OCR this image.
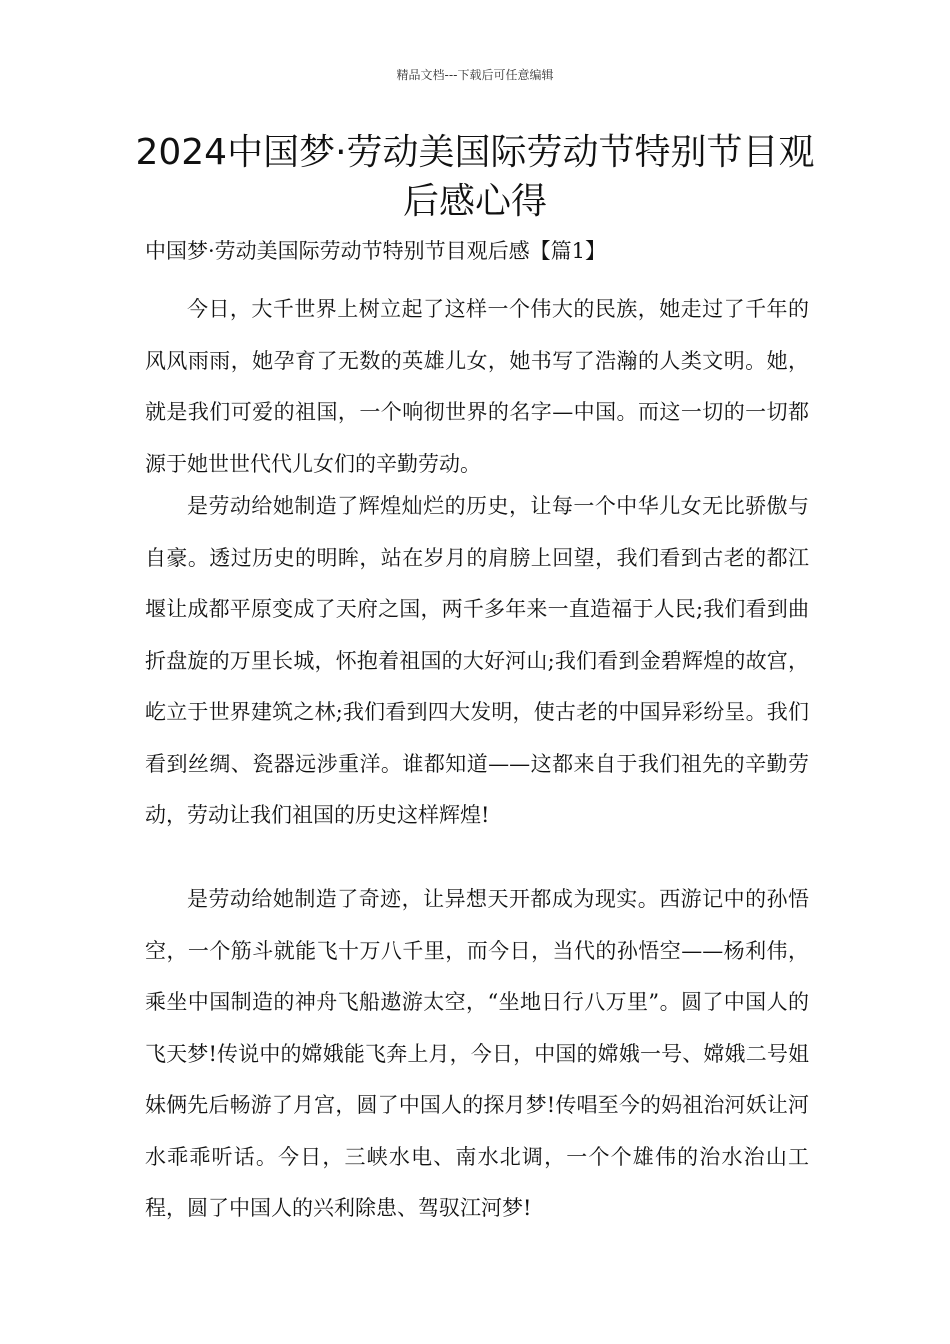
精品文档---下载后可任意编辑
2024中国梦·劳动美国际劳动节特别节目观后感心得
中国梦·劳动美国际劳动节特别节目观后感【篇1】

今日，大千世界上树立起了这样一个伟大的民族，她走过了千年的风风雨雨，她孕育了无数的英雄儿女，她书写了浩瀚的人类文明。她，就是我们可爱的祖国，一个响彻世界的名字—中国。而这一切的一切都源于她世世代代儿女们的辛勤劳动。

是劳动给她制造了辉煌灿烂的历史，让每一个中华儿女无比骄傲与自豪。透过历史的明眸，站在岁月的肩膀上回望，我们看到古老的都江堰让成都平原变成了天府之国，两千多年来一直造福于人民;我们看到曲折盘旋的万里长城，怀抱着祖国的大好河山;我们看到金碧辉煌的故宫，屹立于世界建筑之林;我们看到四大发明，使古老的中国异彩纷呈。我们看到丝绸、瓷器远涉重洋。谁都知道——这都来自于我们祖先的辛勤劳动，劳动让我们祖国的历史这样辉煌!

是劳动给她制造了奇迹，让异想天开都成为现实。西游记中的孙悟空，一个筋斗就能飞十万八千里，而今日，当代的孙悟空——杨利伟，乘坐中国制造的神舟飞船遨游太空，“坐地日行八万里”。圆了中国人的飞天梦!传说中的嫦娥能飞奔上月，今日，中国的嫦娥一号、嫦娥二号姐妹俩先后畅游了月宫，圆了中国人的探月梦!传唱至今的妈祖治河妖让河水乖乖听话。今日，三峡水电、南水北调，一个个雄伟的治水治山工程，圆了中国人的兴利除患、驾驭江河梦!
